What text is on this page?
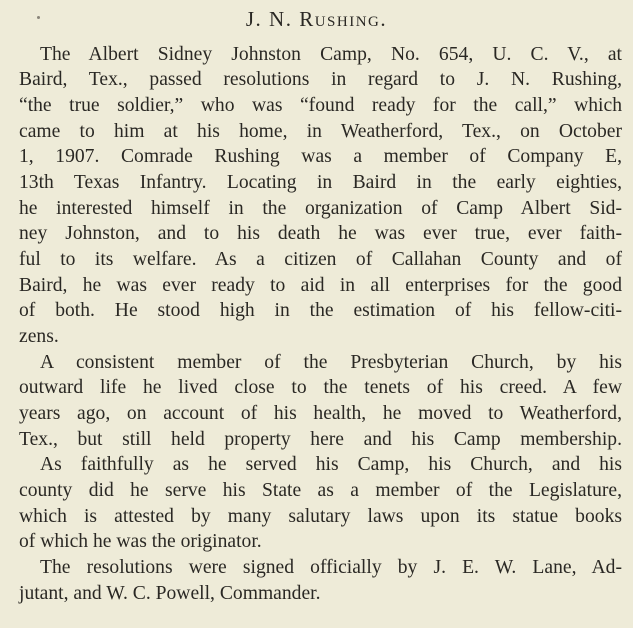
J. N. Rushing.
The Albert Sidney Johnston Camp, No. 654, U. C. V., at
Baird, Tex., passed resolutions in regard to J. N. Rushing,
“the true soldier,” who was “found ready for the call,” which
came to him at his home, in Weatherford, Tex., on October
1, 1907. Comrade Rushing was a member of Company E,
13th Texas Infantry. Locating in Baird in the early eighties,
he interested himself in the organization of Camp Albert Sid-
ney Johnston, and to his death he was ever true, ever faith-
ful to its welfare. As a citizen of Callahan County and of
Baird, he was ever ready to aid in all enterprises for the good
of both. He stood high in the estimation of his fellow-citi-
zens.
A consistent member of the Presbyterian Church, by his
outward life he lived close to the tenets of his creed. A few
years ago, on account of his health, he moved to Weatherford,
Tex., but still held property here and his Camp membership.
As faithfully as he served his Camp, his Church, and his
county did he serve his State as a member of the Legislature,
which is attested by many salutary laws upon its statue books
of which he was the originator.
The resolutions were signed officially by J. E. W. Lane, Ad-
jutant, and W. C. Powell, Commander.
